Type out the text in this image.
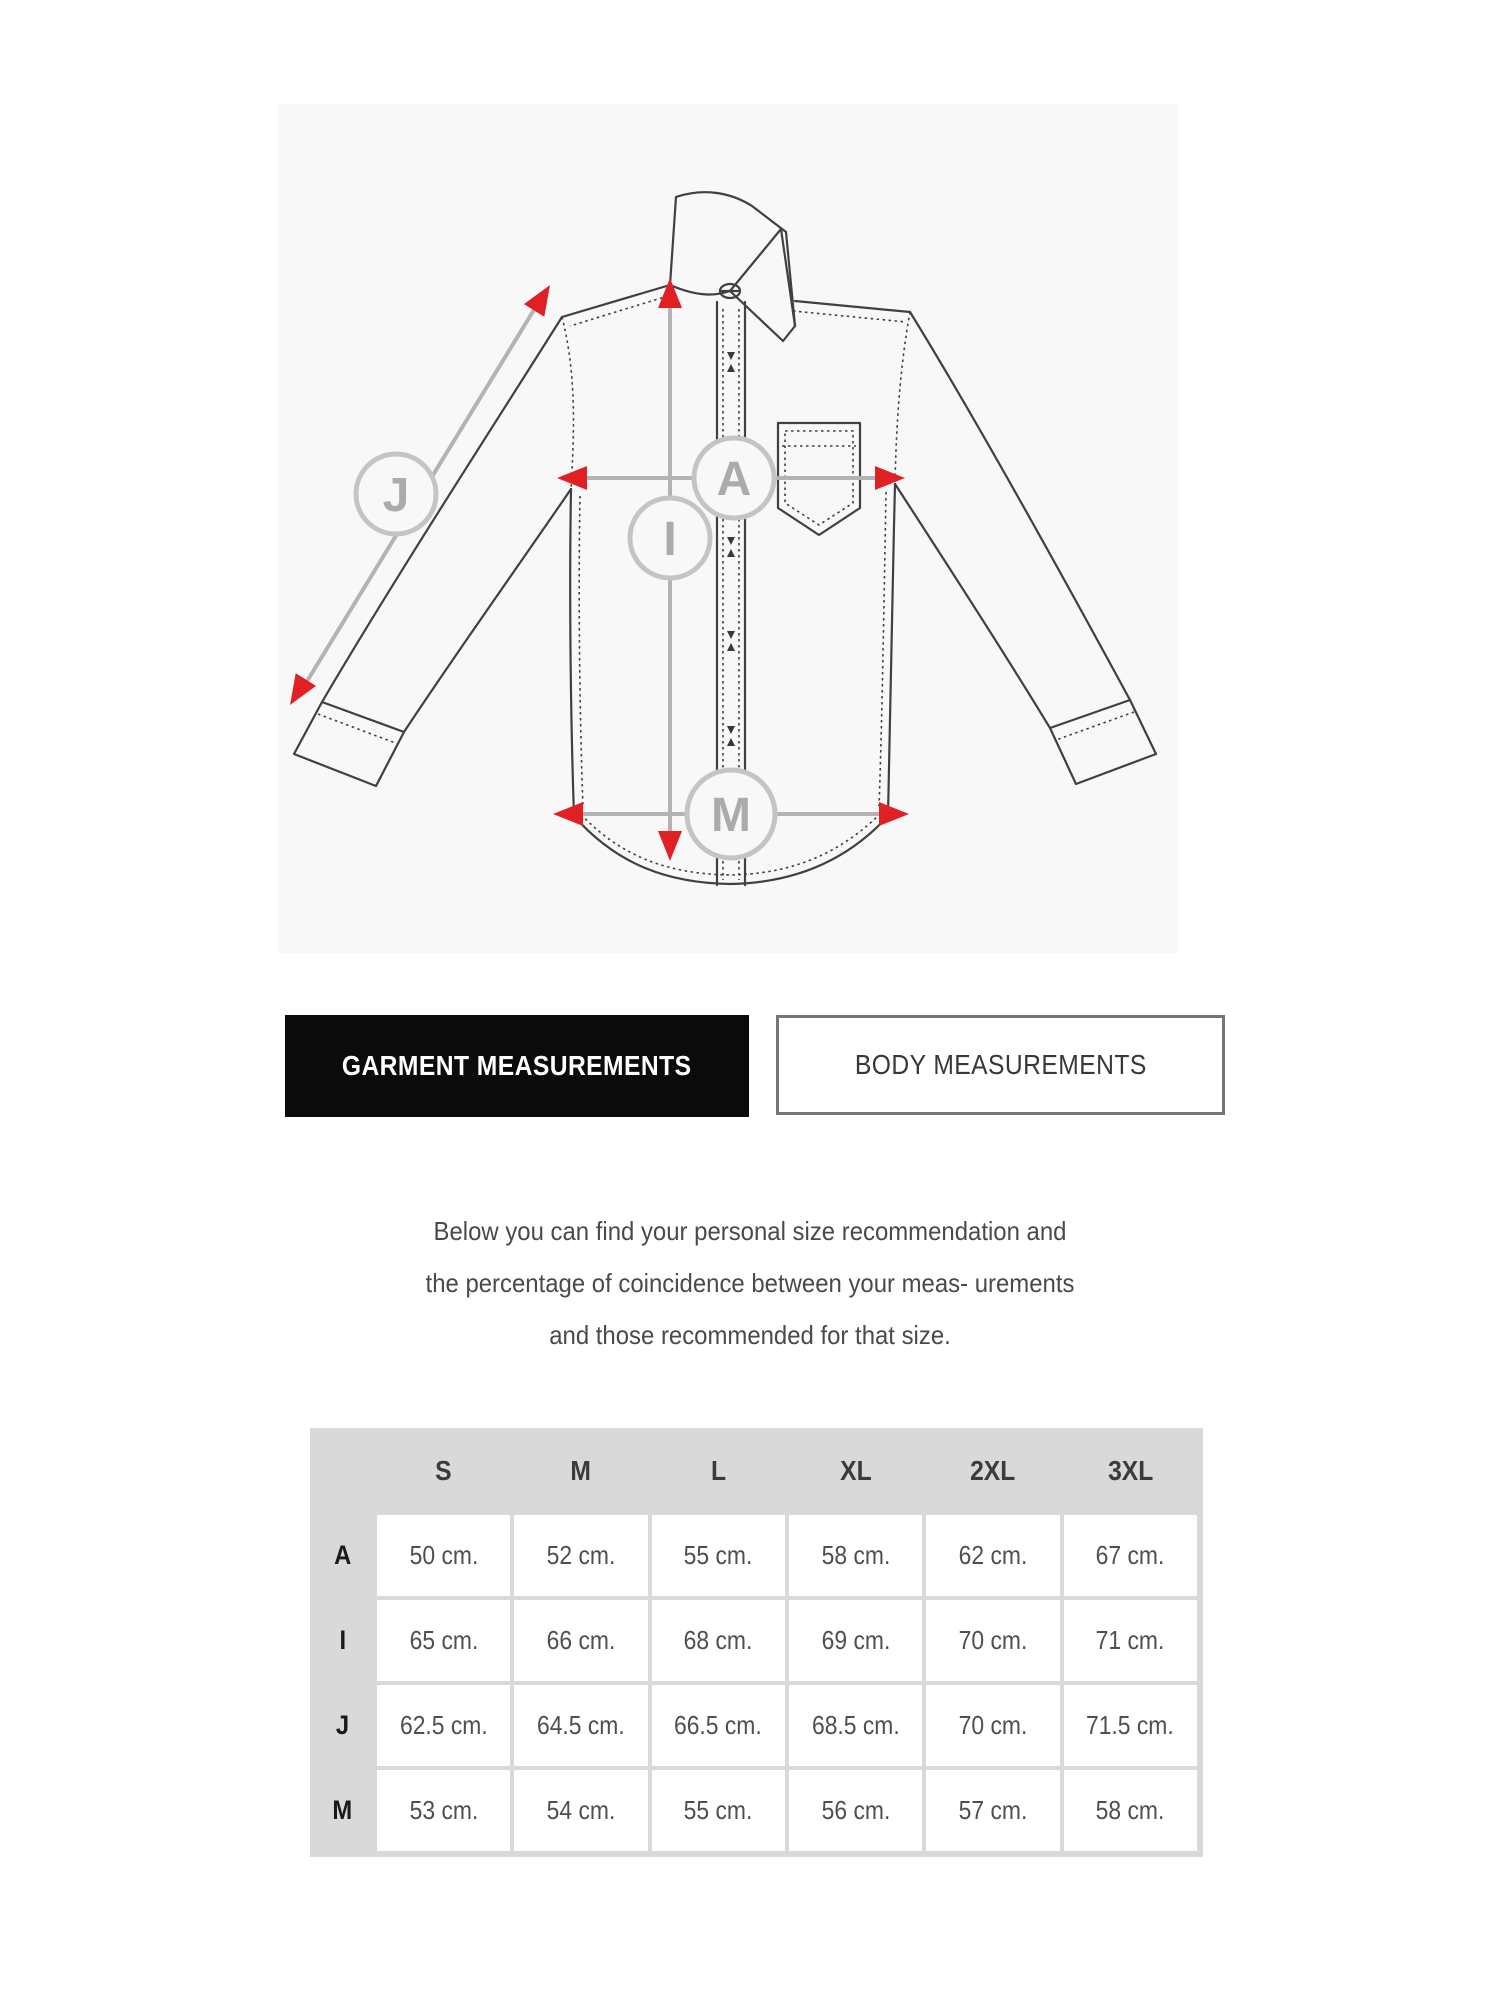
J	A
I
M
GARMENT MEASUREMENTS	BODY MEASUREMENTS
Below you can find your personal size recommendation and
the percentage of coincidence between your meas- urements
and those recommended for that size.
S	M	L	XL	2XL	3XL
A 50 cm.	52 cm.	55 cm.	58 cm.	62 cm.	67 cm.
I 65 cm.	66 cm.	68 cm.	69 cm.	70 cm.	71 cm.
J 62.5 cm. 64.5 cm. 66.5 cm. 68.5 cm. 70 cm. 71.5 cm.
M 53 cm.	54 cm.	55 cm.	56 cm.	57 cm.	58 cm.
